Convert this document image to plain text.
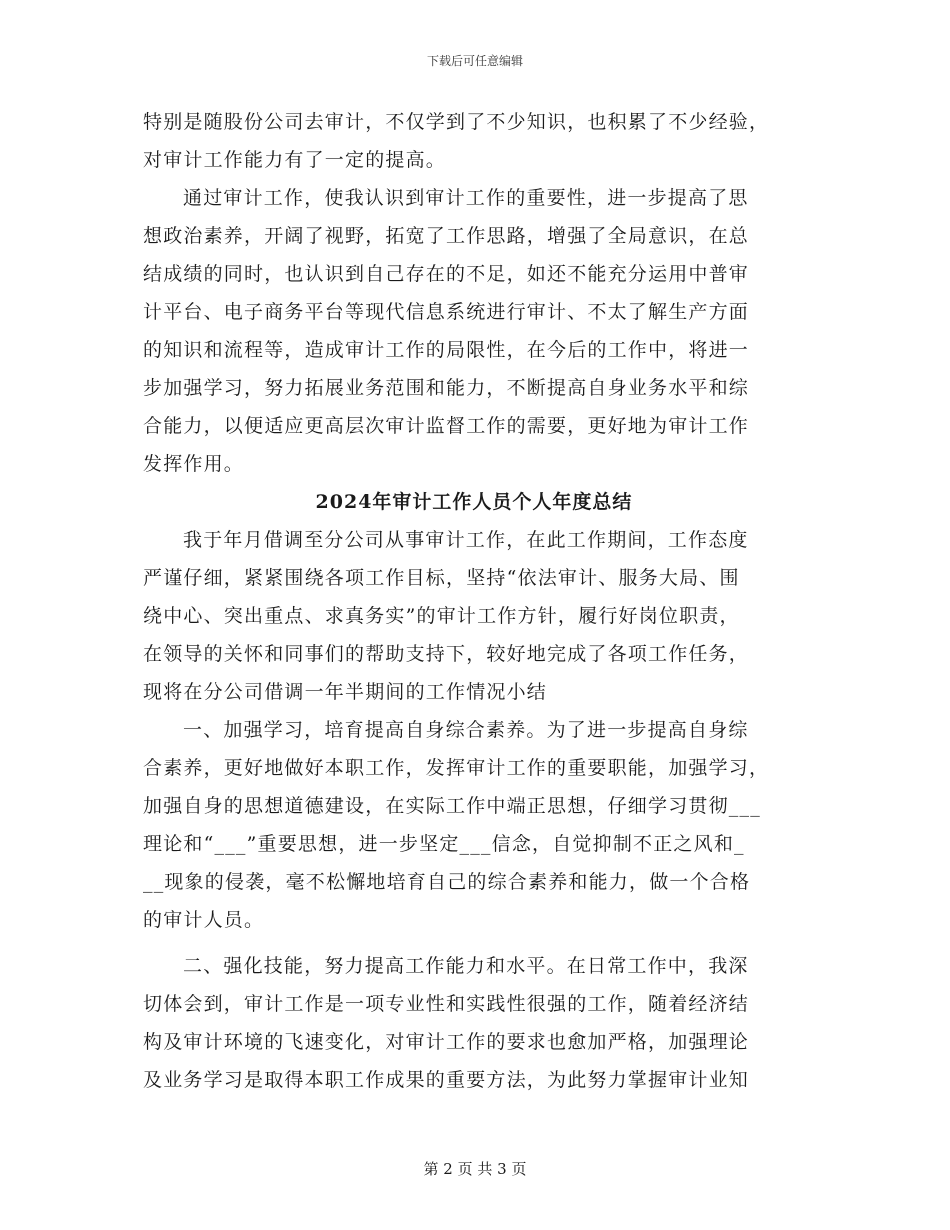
下载后可任意编辑
特别是随股份公司去审计，不仅学到了不少知识，也积累了不少经验，
对审计工作能力有了一定的提高。
通过审计工作，使我认识到审计工作的重要性，进一步提高了思
想政治素养，开阔了视野，拓宽了工作思路，增强了全局意识，在总
结成绩的同时，也认识到自己存在的不足，如还不能充分运用中普审
计平台、电子商务平台等现代信息系统进行审计、不太了解生产方面
的知识和流程等，造成审计工作的局限性，在今后的工作中，将进一
步加强学习，努力拓展业务范围和能力，不断提高自身业务水平和综
合能力，以便适应更高层次审计监督工作的需要，更好地为审计工作
发挥作用。
2024年审计工作人员个人年度总结
我于年月借调至分公司从事审计工作，在此工作期间，工作态度
严谨仔细，紧紧围绕各项工作目标，坚持“依法审计、服务大局、围
绕中心、突出重点、求真务实”的审计工作方针，履行好岗位职责，
在领导的关怀和同事们的帮助支持下，较好地完成了各项工作任务，
现将在分公司借调一年半期间的工作情况小结
一、加强学习，培育提高自身综合素养。为了进一步提高自身综
合素养，更好地做好本职工作，发挥审计工作的重要职能，加强学习，
加强自身的思想道德建设，在实际工作中端正思想，仔细学习贯彻___
理论和“___”重要思想，进一步坚定___信念，自觉抑制不正之风和_
__现象的侵袭，毫不松懈地培育自己的综合素养和能力，做一个合格
的审计人员。
二、强化技能，努力提高工作能力和水平。在日常工作中，我深
切体会到，审计工作是一项专业性和实践性很强的工作，随着经济结
构及审计环境的飞速变化，对审计工作的要求也愈加严格，加强理论
及业务学习是取得本职工作成果的重要方法，为此努力掌握审计业知
第 2 页 共 3 页
